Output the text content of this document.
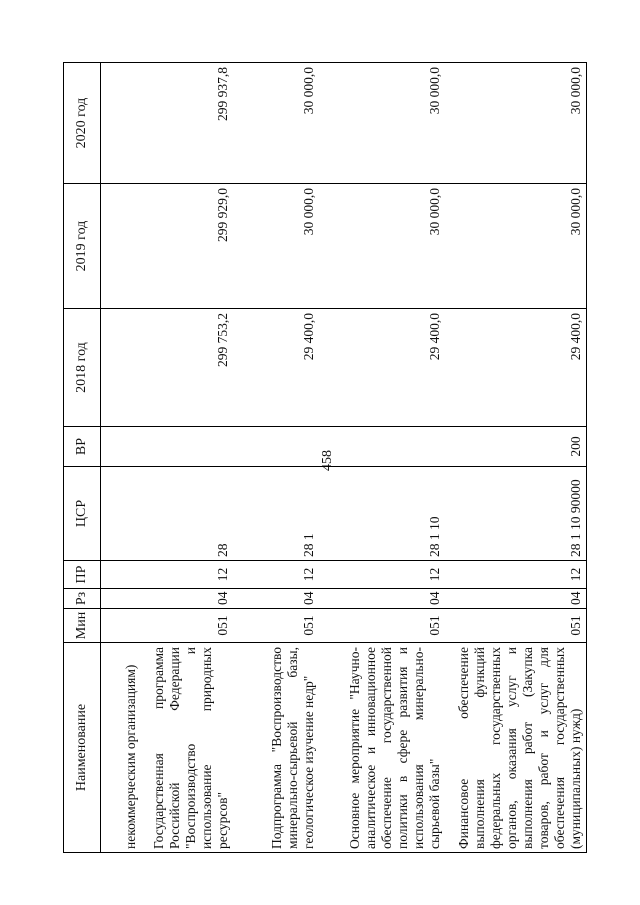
458
Наименование	Мин	Рз	ПР	ЦСР	ВР	2018 год	2019 год	2020 год
некоммерческим организациям)								
Государственная программа Российской Федерации "Воспроизводство и использование природных ресурсов"	051	04	12	28		299 753,2	299 929,0	299 937,8
Подпрограмма "Воспроизводство минерально-сырьевой базы, геологическое изучение недр"	051	04	12	28 1		29 400,0	30 000,0	30 000,0
Основное мероприятие "Научно-аналитическое и инновационное обеспечение государственной политики в сфере развития и использования минерально-сырьевой базы"	051	04	12	28 1 10		29 400,0	30 000,0	30 000,0
Финансовое обеспечение выполнения функций федеральных государственных органов, оказания услуг и выполнения работ (Закупка товаров, работ и услуг для обеспечения государственных (муниципальных) нужд)	051	04	12	28 1 10 90000	200	29 400,0	30 000,0	30 000,0
